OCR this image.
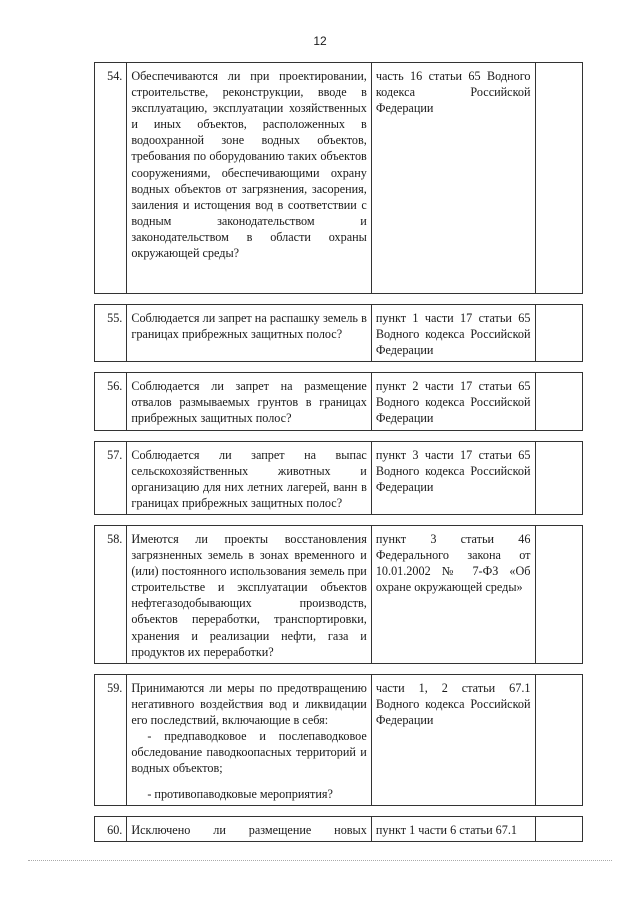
12
54.	Обеспечиваются ли при проектировании, строительстве, реконструкции, вводе в эксплуатацию, эксплуатации хозяйственных и иных объектов, расположенных в водоохранной зоне водных объектов, требования по оборудованию таких объектов сооружениями, обеспечивающими охрану водных объектов от загрязнения, засорения, заиления и истощения вод в соответствии с водным законодательством и законодательством в области охраны окружающей среды?	часть 16 статьи 65 Водного кодекса Российской Федерации	

55.	Соблюдается ли запрет на распашку земель в границах прибрежных защитных полос?	пункт 1 части 17 статьи 65 Водного кодекса Российской Федерации	

56.	Соблюдается ли запрет на размещение отвалов размываемых грунтов в границах прибрежных защитных полос?	пункт 2 части 17 статьи 65 Водного кодекса Российской Федерации	

57.	Соблюдается ли запрет на выпас сельскохозяйственных животных и организацию для них летних лагерей, ванн в границах прибрежных защитных полос?	пункт 3 части 17 статьи 65 Водного кодекса Российской Федерации	

58.	Имеются ли проекты восстановления загрязненных земель в зонах временного и (или) постоянного использования земель при строительстве и эксплуатации объектов нефтегазодобывающих производств, объектов переработки, транспортировки, хранения и реализации нефти, газа и продуктов их переработки?	пункт 3 статьи 46 Федерального закона от 10.01.2002 № 7-ФЗ «Об охране окружающей среды»	

59.	Принимаются ли меры по предотвращению негативного воздействия вод и ликвидации его последствий, включающие в себя:
- предпаводковое и послепаводковое обследование паводкоопасных территорий и водных объектов;
- противопаводковые мероприятия?	части 1, 2 статьи 67.1 Водного кодекса Российской Федерации	

60.	Исключено ли размещение новых	пункт 1 части 6 статьи 67.1	
